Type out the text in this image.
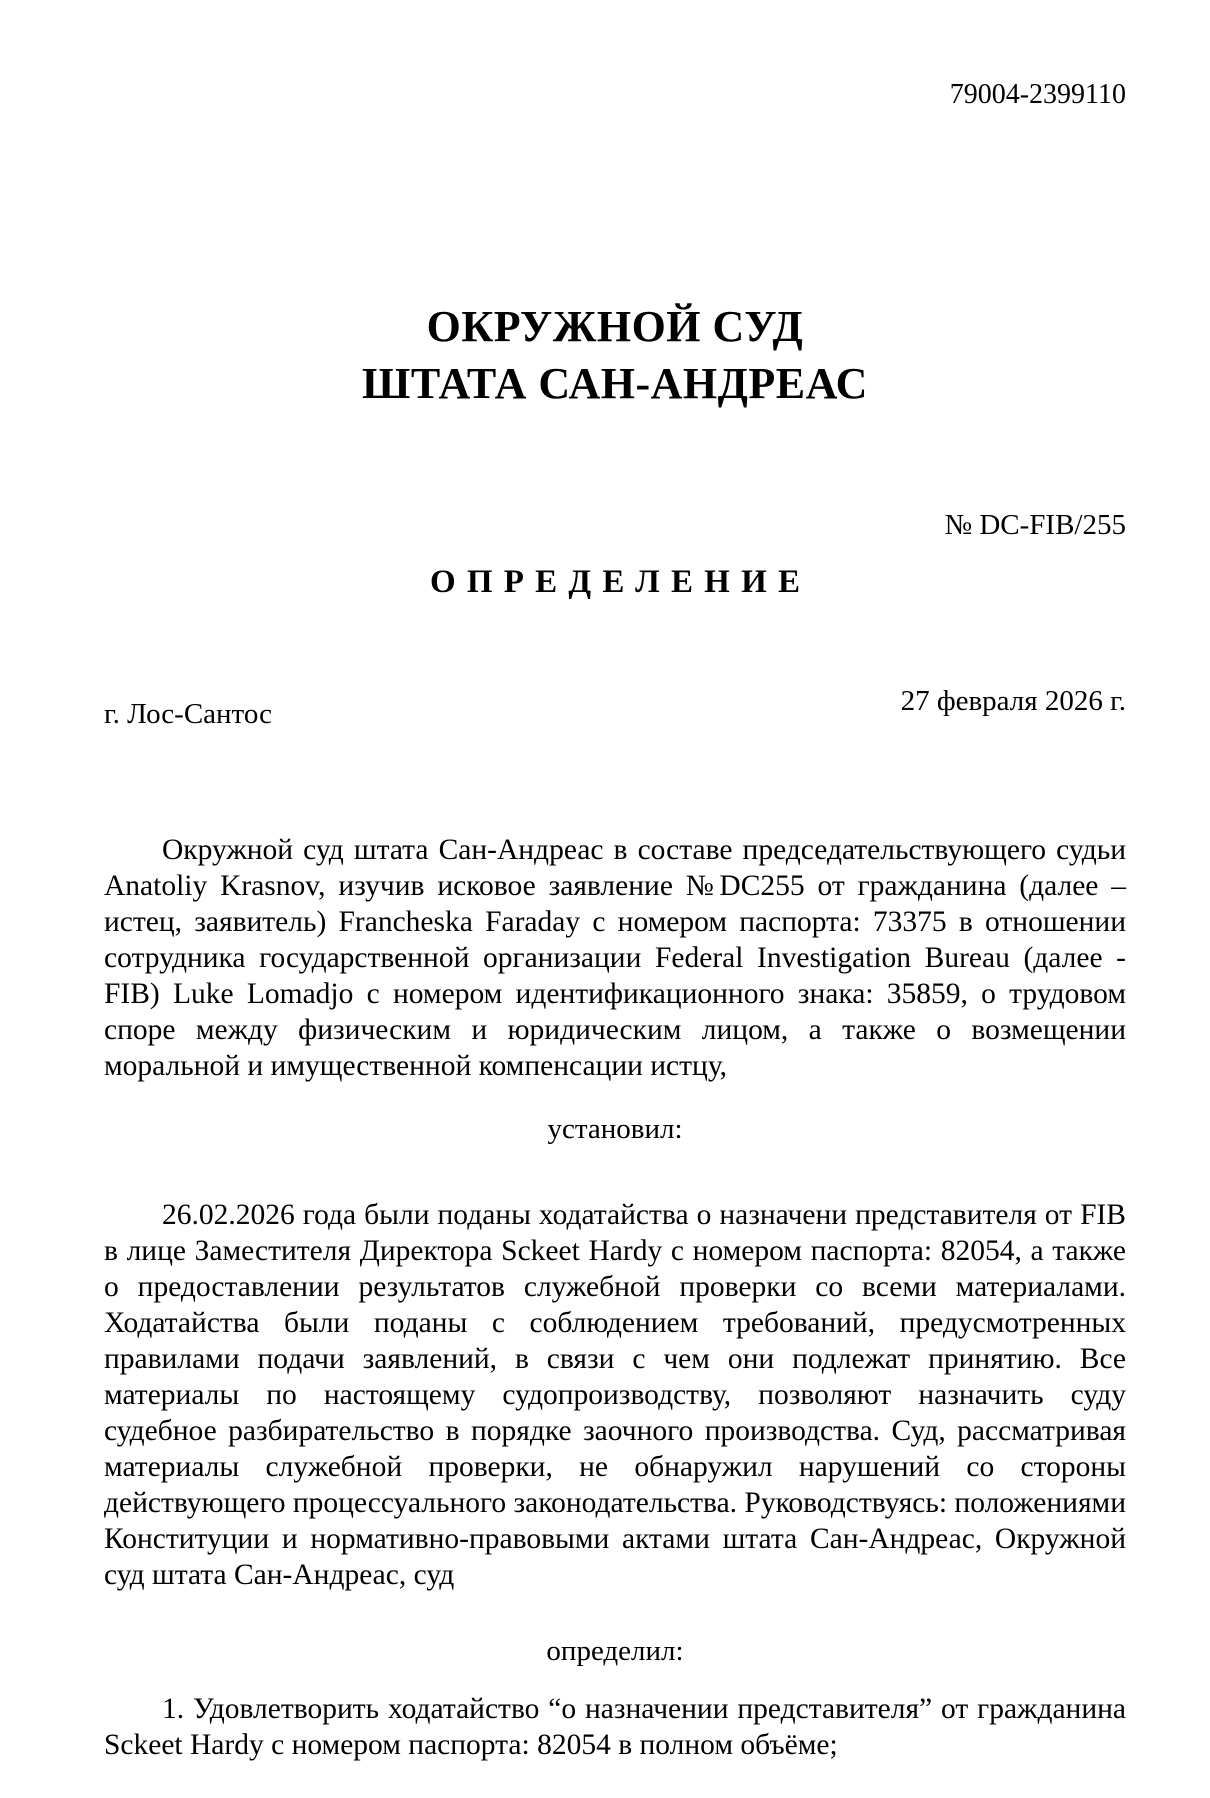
79004-2399110
ОКРУЖНОЙ СУД
ШТАТА САН-АНДРЕАС
№ DC-FIB/255
ОПРЕДЕЛЕНИЕ
г. Лос-Сантос	27 февраля 2026 г.

Окружной суд штата Сан-Андреас в составе председательствующего судьи Anatoliy Krasnov, изучив исковое заявление №DC255 от гражданина (далее – истец, заявитель) Francheska Faraday с номером паспорта: 73375 в отношении сотрудника государственной организации Federal Investigation Bureau (далее - FIB) Luke Lomadjo с номером идентификационного знака: 35859, о трудовом споре между физическим и юридическим лицом, а также о возмещении моральной и имущественной компенсации истцу,

установил:

26.02.2026 года были поданы ходатайства о назначени представителя от FIB в лице Заместителя Директора Sckeet Hardy с номером паспорта: 82054, а также о предоставлении результатов служебной проверки со всеми материалами. Ходатайства были поданы с соблюдением требований, предусмотренных правилами подачи заявлений, в связи с чем они подлежат принятию. Все материалы по настоящему судопроизводству, позволяют назначить суду судебное разбирательство в порядке заочного производства. Суд, рассматривая материалы служебной проверки, не обнаружил нарушений со стороны действующего процессуального законодательства. Руководствуясь: положениями Конституции и нормативно-правовыми актами штата Сан-Андреас, Окружной суд штата Сан-Андреас, суд

определил:

1. Удовлетворить ходатайство “о назначении представителя” от гражданина Sckeet Hardy с номером паспорта: 82054 в полном объёме;
